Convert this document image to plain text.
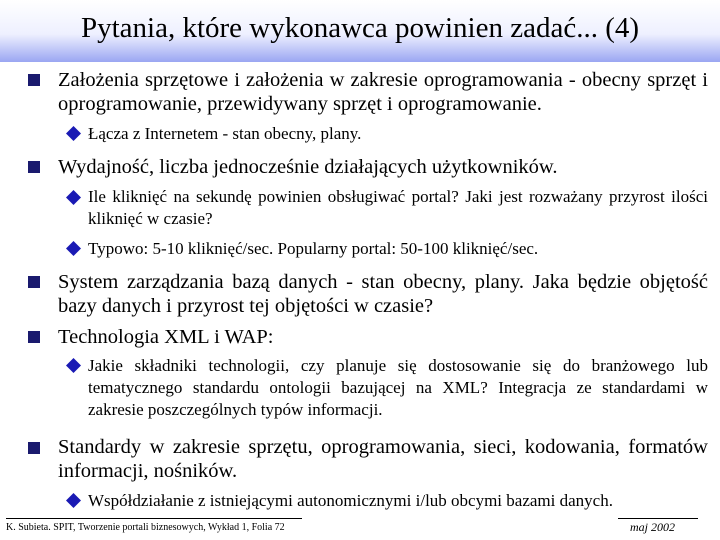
Pytania, które wykonawca powinien zadać... (4)
Założenia sprzętowe i założenia w zakresie oprogramowania - obecny sprzęt i oprogramowanie, przewidywany sprzęt i oprogramowanie.
Łącza z Internetem - stan obecny, plany.
Wydajność, liczba jednocześnie działających użytkowników.
Ile kliknięć na sekundę powinien obsługiwać portal? Jaki jest rozważany przyrost ilości kliknięć w czasie?
Typowo: 5-10 kliknięć/sec. Popularny portal: 50-100 kliknięć/sec.
System zarządzania bazą danych - stan obecny, plany. Jaka będzie objętość bazy danych i przyrost tej objętości w czasie?
Technologia XML i WAP:
Jakie składniki technologii, czy planuje się dostosowanie się do branżowego lub tematycznego standardu ontologii bazującej na XML? Integracja ze standardami w zakresie poszczególnych typów informacji.
Standardy w zakresie sprzętu, oprogramowania, sieci, kodowania, formatów informacji, nośników.
Współdziałanie z istniejącymi autonomicznymi i/lub obcymi bazami danych.
K. Subieta. SPIT, Tworzenie portali biznesowych, Wykład 1, Folia 72	maj 2002
